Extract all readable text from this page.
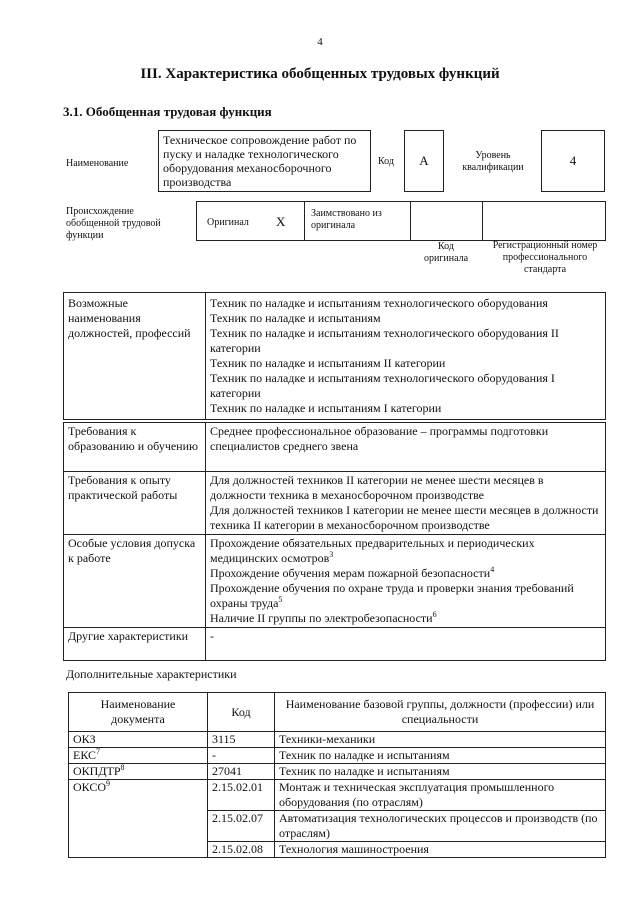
4
III. Характеристика обобщенных трудовых функций
3.1. Обобщенная трудовая функция
Наименование
Техническое сопровождение работ по пуску и наладке технологического оборудования механосборочного производства
Код	А	Уровень квалификации	4
Происхождение обобщенной трудовой функции
Оригинал X
Заимствовано из оригинала
Код оригинала
Регистрационный номер профессионального стандарта
Возможные наименования должностей, профессий	
Техник по наладке и испытаниям технологического оборудования
Техник по наладке и испытаниям
Техник по наладке и испытаниям технологического оборудования II категории
Техник по наладке и испытаниям II категории
Техник по наладке и испытаниям технологического оборудования I категории
Техник по наладке и испытаниям I категории
Требования к образованию и обучению	Среднее профессиональное образование – программы подготовки специалистов среднего звена
Требования к опыту практической работы	Для должностей техников II категории не менее шести месяцев в должности техника в механосборочном производстве
Для должностей техников I категории не менее шести месяцев в должности техника II категории в механосборочном производстве

Особые условия допуска к работе	Прохождение обязательных предварительных и периодических медицинских осмотров$^3$
Прохождение обучения мерам пожарной безопасности$^4$
Прохождение обучения по охране труда и проверки знания требований охраны труда$^5$
Наличие II группы по электробезопасности$^6$

Другие характеристики	-
Дополнительные характеристики
Наименование документа	Код	Наименование базовой группы, должности (профессии) или специальности
ОКЗ	3115	Техники-механики
ЕКС$^7$	-	Техник по наладке и испытаниям
ОКПДТР$^8$	27041	Техник по наладке и испытаниям
ОКСО$^9$	2.15.02.01	Монтаж и техническая эксплуатация промышленного оборудования (по отраслям)
	2.15.02.07	Автоматизация технологических процессов и производств (по отраслям)
	2.15.02.08	Технология машиностроения
